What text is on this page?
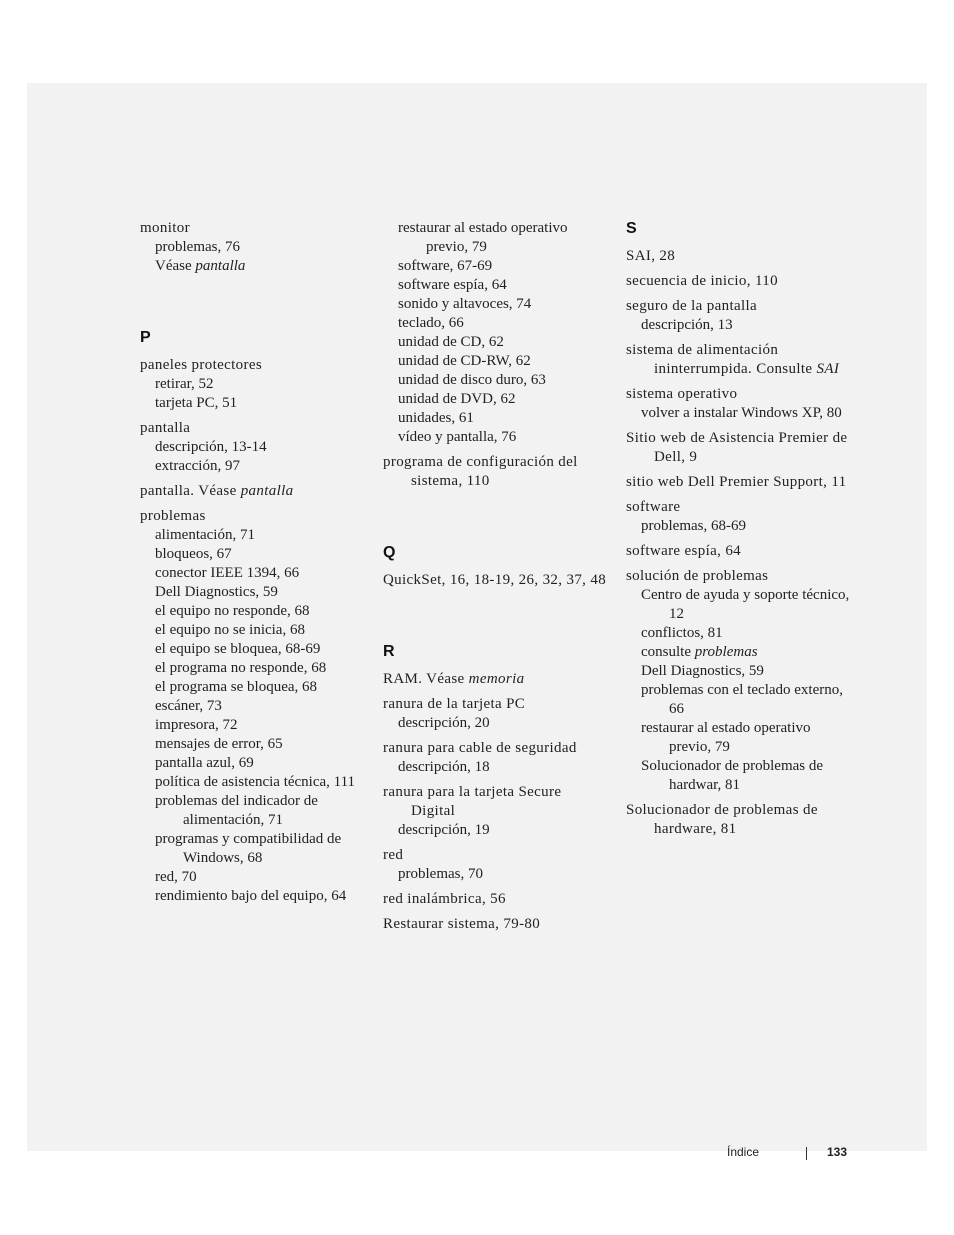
monitor
problemas, 76
Véase pantalla
P
paneles protectores
retirar, 52
tarjeta PC, 51
pantalla
descripción, 13-14
extracción, 97
pantalla. Véase pantalla
problemas
alimentación, 71
bloqueos, 67
conector IEEE 1394, 66
Dell Diagnostics, 59
el equipo no responde, 68
el equipo no se inicia, 68
el equipo se bloquea, 68-69
el programa no responde, 68
el programa se bloquea, 68
escáner, 73
impresora, 72
mensajes de error, 65
pantalla azul, 69
política de asistencia técnica, 111
problemas del indicador de alimentación, 71
programas y compatibilidad de Windows, 68
red, 70
rendimiento bajo del equipo, 64
restaurar al estado operativo previo, 79
software, 67-69
software espía, 64
sonido y altavoces, 74
teclado, 66
unidad de CD, 62
unidad de CD-RW, 62
unidad de disco duro, 63
unidad de DVD, 62
unidades, 61
vídeo y pantalla, 76
programa de configuración del sistema, 110
Q
QuickSet, 16, 18-19, 26, 32, 37, 48
R
RAM. Véase memoria
ranura de la tarjeta PC
descripción, 20
ranura para cable de seguridad
descripción, 18
ranura para la tarjeta Secure Digital
descripción, 19
red
problemas, 70
red inalámbrica, 56
Restaurar sistema, 79-80
S
SAI, 28
secuencia de inicio, 110
seguro de la pantalla
descripción, 13
sistema de alimentación ininterrumpida. Consulte SAI
sistema operativo
volver a instalar Windows XP, 80
Sitio web de Asistencia Premier de Dell, 9
sitio web Dell Premier Support, 11
software
problemas, 68-69
software espía, 64
solución de problemas
Centro de ayuda y soporte técnico, 12
conflictos, 81
consulte problemas
Dell Diagnostics, 59
problemas con el teclado externo, 66
restaurar al estado operativo previo, 79
Solucionador de problemas de hardwar, 81
Solucionador de problemas de hardware, 81
Índice	133
